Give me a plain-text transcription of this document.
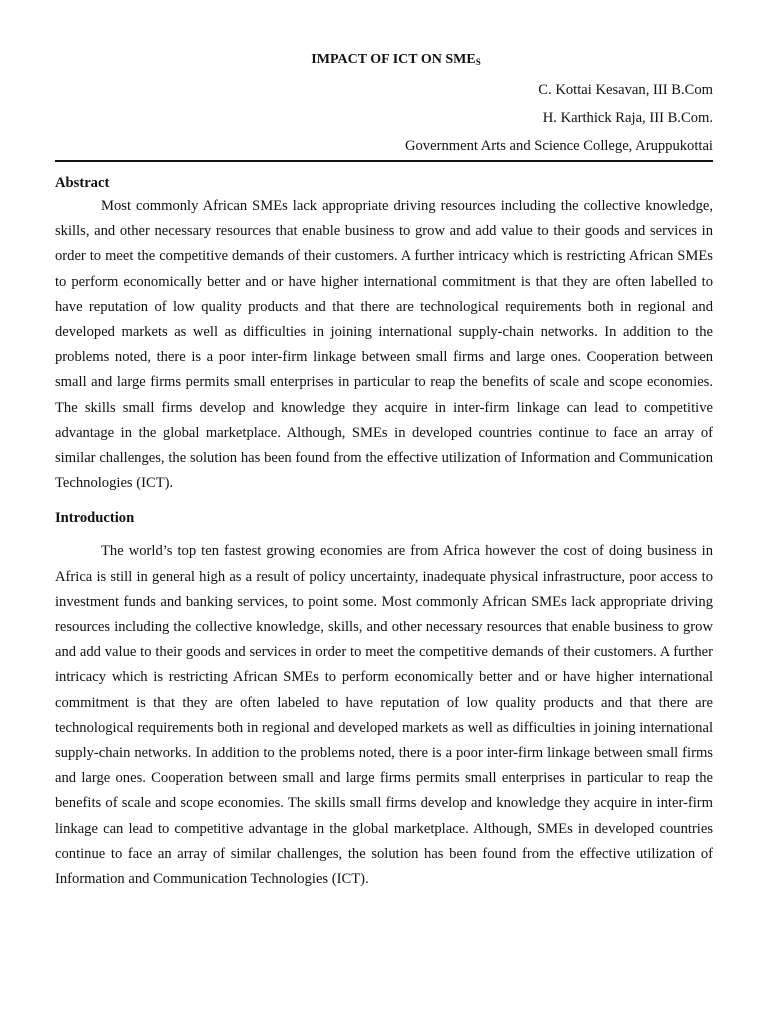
IMPACT OF ICT ON $SME_S$

C. Kottai Kesavan, III B.Com

H. Karthick Raja, III B.Com.

Government Arts and Science College, Aruppukottai

Abstract

Most commonly African SMEs lack appropriate driving resources including the collective knowledge, skills, and other necessary resources that enable business to grow and add value to their goods and services in order to meet the competitive demands of their customers. A further intricacy which is restricting African SMEs to perform economically better and or have higher international commitment is that they are often labelled to have reputation of low quality products and that there are technological requirements both in regional and developed markets as well as difficulties in joining international supply-chain networks. In addition to the problems noted, there is a poor inter-firm linkage between small firms and large ones. Cooperation between small and large firms permits small enterprises in particular to reap the benefits of scale and scope economies. The skills small firms develop and knowledge they acquire in inter-firm linkage can lead to competitive advantage in the global marketplace. Although, SMEs in developed countries continue to face an array of similar challenges, the solution has been found from the effective utilization of Information and Communication Technologies (ICT).

Introduction

The world’s top ten fastest growing economies are from Africa however the cost of doing business in Africa is still in general high as a result of policy uncertainty, inadequate physical infrastructure, poor access to investment funds and banking services, to point some. Most commonly African SMEs lack appropriate driving resources including the collective knowledge, skills, and other necessary resources that enable business to grow and add value to their goods and services in order to meet the competitive demands of their customers. A further intricacy which is restricting African SMEs to perform economically better and or have higher international commitment is that they are often labeled to have reputation of low quality products and that there are technological requirements both in regional and developed markets as well as difficulties in joining international supply-chain networks. In addition to the problems noted, there is a poor inter-firm linkage between small firms and large ones. Cooperation between small and large firms permits small enterprises in particular to reap the benefits of scale and scope economies. The skills small firms develop and knowledge they acquire in inter-firm linkage can lead to competitive advantage in the global marketplace. Although, SMEs in developed countries continue to face an array of similar challenges, the solution has been found from the effective utilization of Information and Communication Technologies (ICT).
